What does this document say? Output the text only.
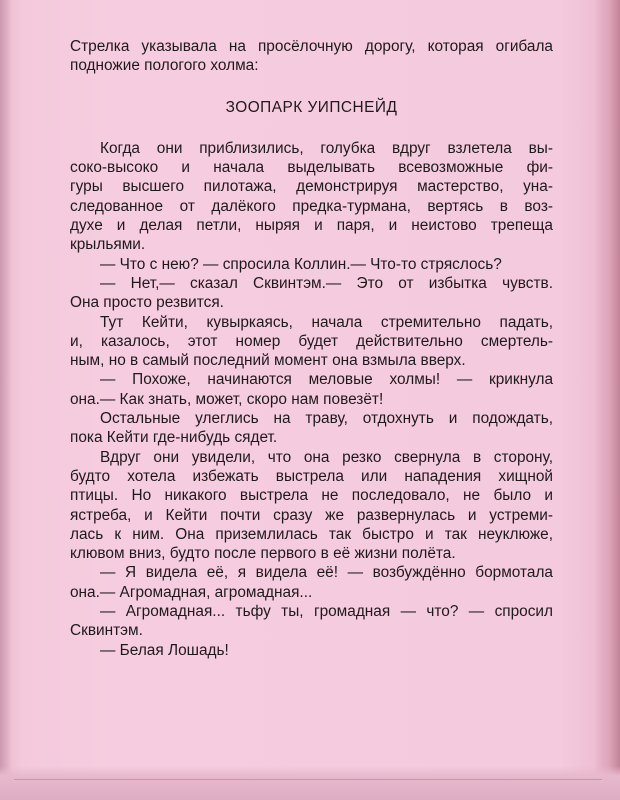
Стрелка указывала на просёлочную дорогу, которая огибала
подножие пологого холма:

ЗООПАРК УИПСНЕЙД

Когда они приблизились, голубка вдруг взлетела вы-
соко-высоко и начала выделывать всевозможные фи-
гуры высшего пилотажа, демонстрируя мастерство, уна-
следованное от далёкого предка-турмана, вертясь в воз-
духе и делая петли, ныряя и паря, и неистово трепеща
крыльями.

— Что с нею? — спросила Коллин.— Что-то стряслось?

— Нет,— сказал Сквинтэм.— Это от избытка чувств.
Она просто резвится.

Тут Кейти, кувыркаясь, начала стремительно падать,
и, казалось, этот номер будет действительно смертель-
ным, но в самый последний момент она взмыла вверх.

— Похоже, начинаются меловые холмы! — крикнула
она.— Как знать, может, скоро нам повезёт!

Остальные улеглись на траву, отдохнуть и подождать,
пока Кейти где-нибудь сядет.

Вдруг они увидели, что она резко свернула в сторону,
будто хотела избежать выстрела или нападения хищной
птицы. Но никакого выстрела не последовало, не было и
ястреба, и Кейти почти сразу же развернулась и устреми-
лась к ним. Она приземлилась так быстро и так неуклюже,
клювом вниз, будто после первого в её жизни полёта.

— Я видела её, я видела её! — возбуждённо бормотала
она.— Агромадная, агромадная...

— Агромадная... тьфу ты, громадная — что? — спросил
Сквинтэм.

— Белая Лошадь!
